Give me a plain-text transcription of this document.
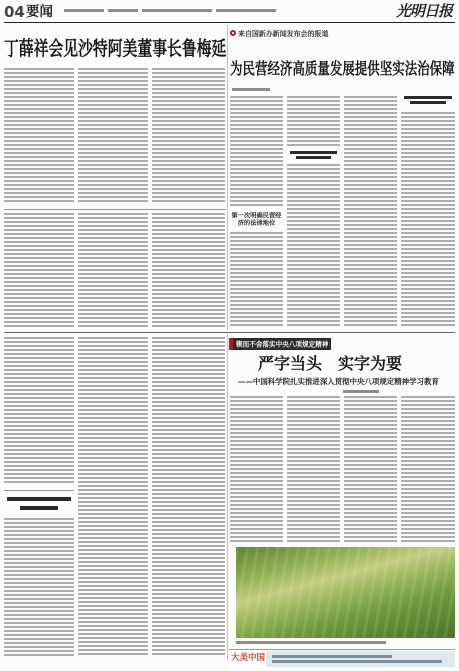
04 要闻	光明日报
丁薛祥会见沙特阿美董事长鲁梅延
来自国新办新闻发布会的报道
为民营经济高质量发展提供坚实法治保障
第一次明确民营经济的法律地位
锲而不舍落实中央八项规定精神
严字当头　实字为要
——中国科学院扎实推进深入贯彻中央八项规定精神学习教育
大美中国
